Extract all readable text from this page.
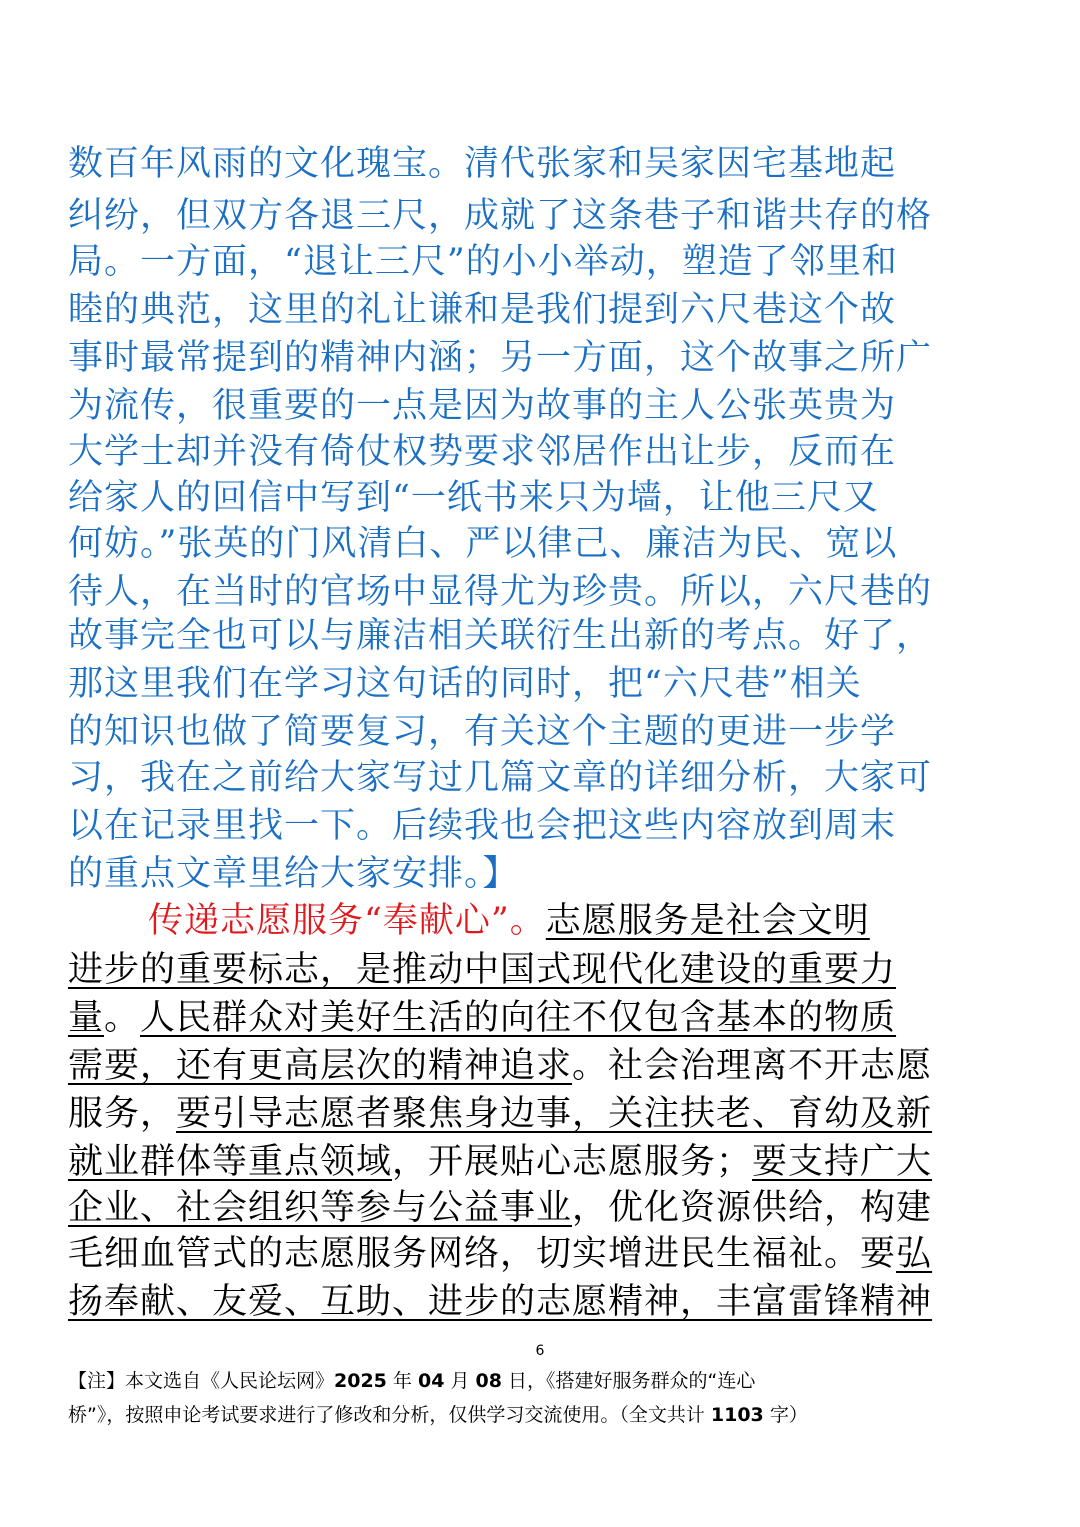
数百年风雨的文化瑰宝。清代张家和吴家因宅基地起
纠纷，但双方各退三尺，成就了这条巷子和谐共存的格
局。一方面，“退让三尺”的小小举动，塑造了邻里和
睦的典范，这里的礼让谦和是我们提到六尺巷这个故
事时最常提到的精神内涵；另一方面，这个故事之所广
为流传，很重要的一点是因为故事的主人公张英贵为
大学士却并没有倚仗权势要求邻居作出让步，反而在
给家人的回信中写到“一纸书来只为墙，让他三尺又
何妨。”张英的门风清白、严以律己、廉洁为民、宽以
待人，在当时的官场中显得尤为珍贵。所以，六尺巷的
故事完全也可以与廉洁相关联衍生出新的考点。好了，
那这里我们在学习这句话的同时，把“六尺巷”相关
的知识也做了简要复习，有关这个主题的更进一步学
习，我在之前给大家写过几篇文章的详细分析，大家可
以在记录里找一下。后续我也会把这些内容放到周末
的重点文章里给大家安排。】
传递志愿服务“奉献心”。志愿服务是社会文明
进步的重要标志，是推动中国式现代化建设的重要力
量。人民群众对美好生活的向往不仅包含基本的物质
需要，还有更高层次的精神追求。社会治理离不开志愿
服务，要引导志愿者聚焦身边事，关注扶老、育幼及新
就业群体等重点领域，开展贴心志愿服务；要支持广大
企业、社会组织等参与公益事业，优化资源供给，构建
毛细血管式的志愿服务网络，切实增进民生福祉。要弘
扬奉献、友爱、互助、进步的志愿精神，丰富雷锋精神
6
【注】本文选自《人民论坛网》2025 年 04 月 08 日，《搭建好服务群众的“连心
桥”》，按照申论考试要求进行了修改和分析，仅供学习交流使用。（全文共计 1103 字）
